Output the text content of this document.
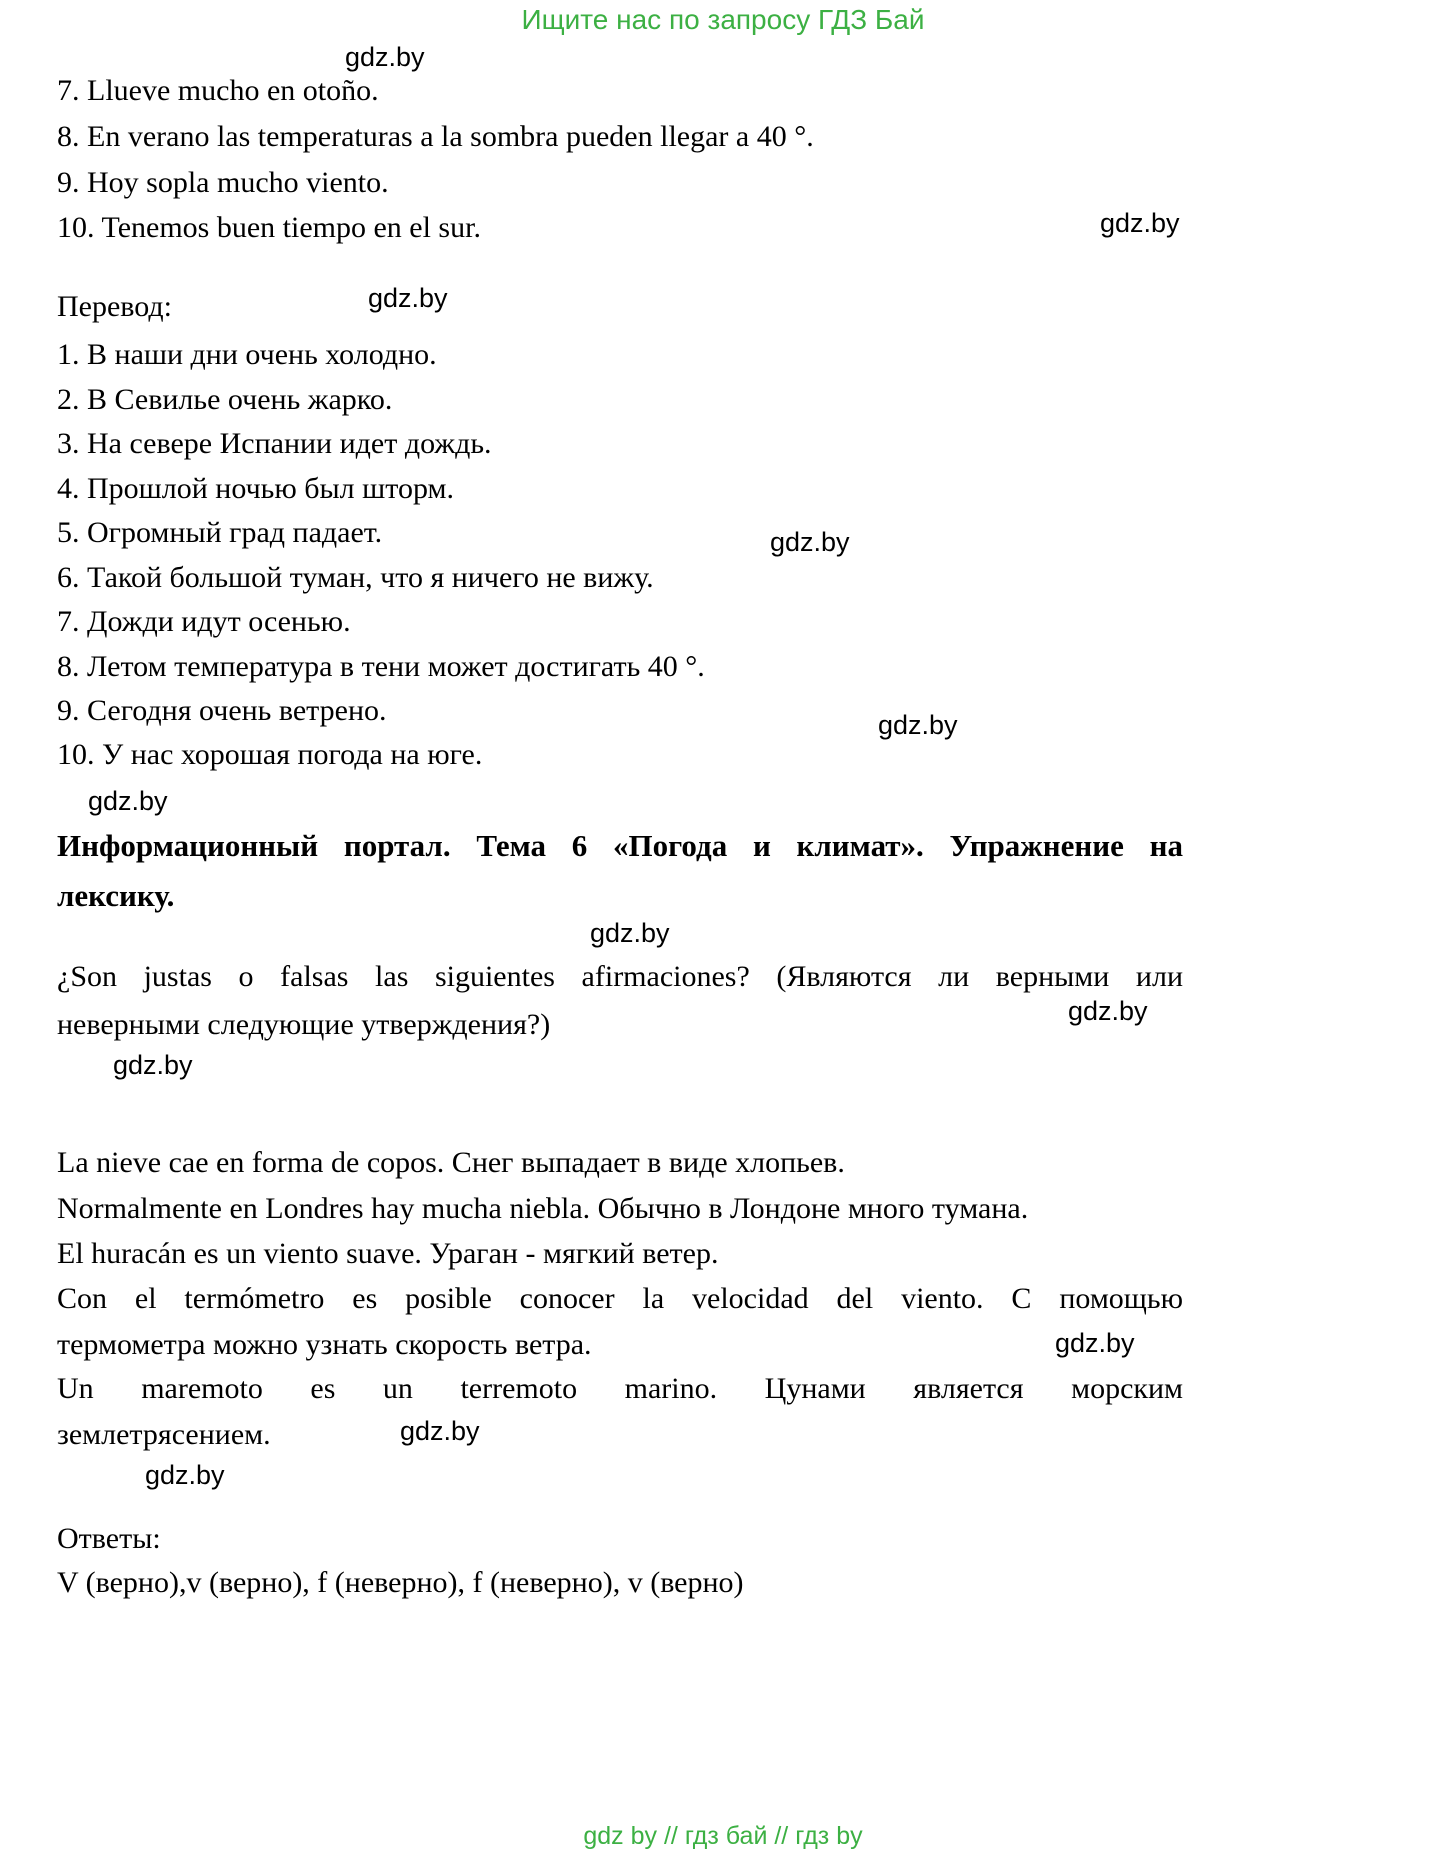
Ищите нас по запросу ГДЗ Бай
gdz.by
gdz.by
gdz.by
gdz.by
gdz.by
gdz.by
gdz.by
gdz.by
gdz.by
gdz.by
gdz.by
gdz.by
7. Llueve mucho en otoño.
8. En verano las temperaturas a la sombra pueden llegar a 40 °.
9. Hoy sopla mucho viento.
10. Tenemos buen tiempo en el sur.
Перевод:
1. В наши дни очень холодно.
2. В Севилье очень жарко.
3. На севере Испании идет дождь.
4. Прошлой ночью был шторм.
5. Огромный град падает.
6. Такой большой туман, что я ничего не вижу.
7. Дожди идут осенью.
8. Летом температура в тени может достигать 40 °.
9. Сегодня очень ветрено.
10. У нас хорошая погода на юге.
Информационный портал. Тема 6 «Погода и климат». Упражнение на
лексику.
¿Son justas o falsas las siguientes afirmaciones? (Являются ли верными или
неверными следующие утверждения?)
La nieve cae en forma de copos. Снег выпадает в виде хлопьев.
Normalmente en Londres hay mucha niebla. Обычно в Лондоне много тумана.
El huracán es un viento suave. Ураган - мягкий ветер.
Con el termómetro es posible conocer la velocidad del viento. С помощью
термометра можно узнать скорость ветра.
Un maremoto es un terremoto marino. Цунами является морским
землетрясением.
Ответы:
V (верно),v (верно), f (неверно), f (неверно), v (верно)
gdz by // гдз бай // гдз by
